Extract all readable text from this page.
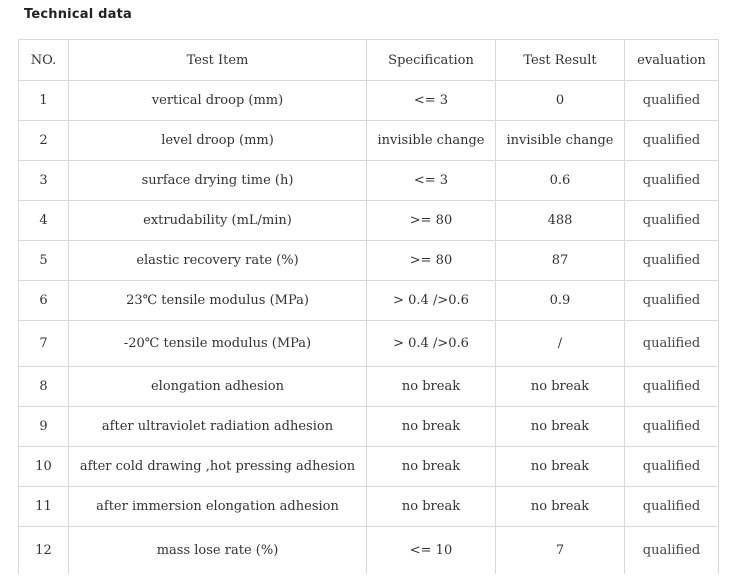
Technical data
NO.	Test Item	Specification	Test Result	evaluation
1	vertical droop (mm)	<= 3	0	qualified
2	level droop (mm)	invisible change	invisible change	qualified
3	surface drying time (h)	<= 3	0.6	qualified
4	extrudability (mL/min)	>= 80	488	qualified
5	elastic recovery rate (%)	>= 80	87	qualified
6	23℃ tensile modulus (MPa)	> 0.4 />0.6	0.9	qualified
7	-20℃ tensile modulus (MPa)	> 0.4 />0.6	/	qualified
8	elongation adhesion	no break	no break	qualified
9	after ultraviolet radiation adhesion	no break	no break	qualified
10	after cold drawing ,hot pressing adhesion	no break	no break	qualified
11	after immersion elongation adhesion	no break	no break	qualified
12	mass lose rate (%)	<= 10	7	qualified
